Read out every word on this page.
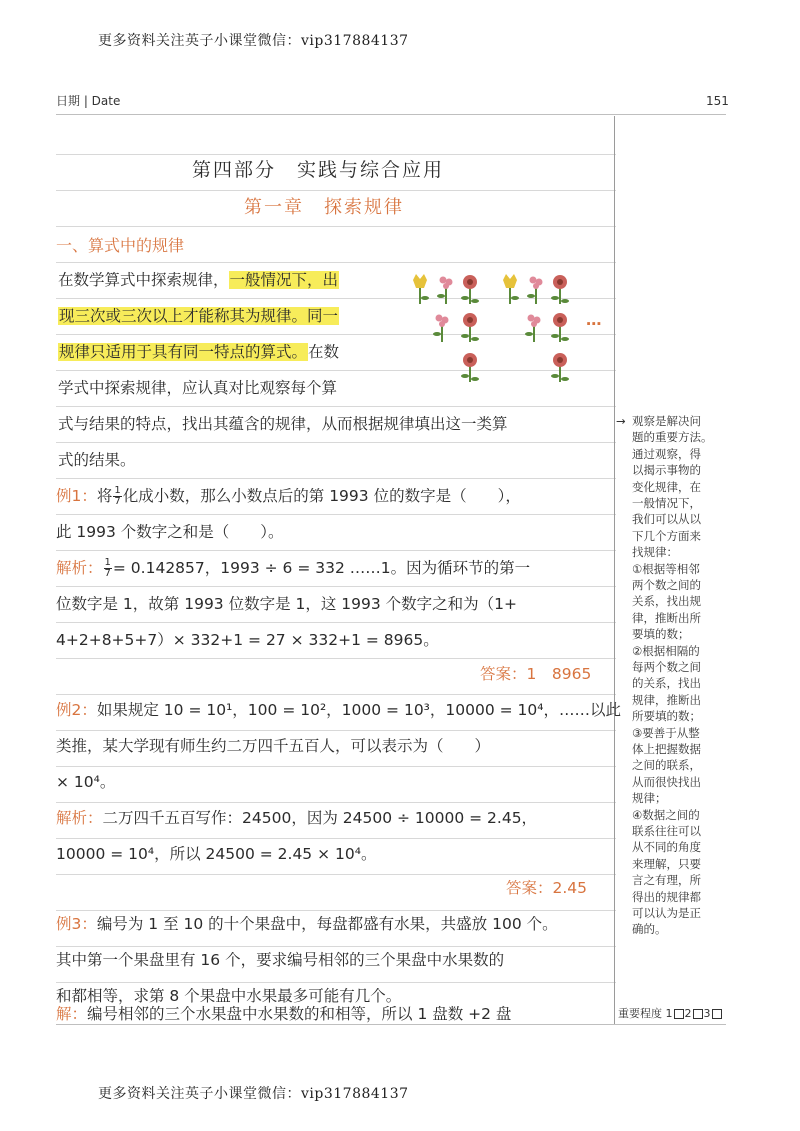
更多资料关注英子小课堂微信：vip317884137
更多资料关注英子小课堂微信：vip317884137
日期 | Date	151
第四部分　实践与综合应用
第一章　探索规律
一、算式中的规律
在数学算式中探索规律，一般情况下，出
现三次或三次以上才能称其为规律。同一
规律只适用于具有同一特点的算式。在数
学式中探索规律，应认真对比观察每个算
式与结果的特点，找出其蕴含的规律，从而根据规律填出这一类算
式的结果。
…
例1：将 $\frac{1}{7}$ 化成小数，那么小数点后的第 1993 位的数字是（　　），
此 1993 个数字之和是（　　）。
解析： $\frac{1}{7} = 0.142857$，1993 ÷ 6 = 332 ……1。因为循环节的第一
位数字是 1，故第 1993 位数字是 1，这 1993 个数字之和为（1+
4+2+8+5+7）× 332+1 = 27 × 332+1 = 8965。
答案：1　8965
例2：如果规定 10 = 10¹，100 = 10²，1000 = 10³，10000 = 10⁴，……以此
类推，某大学现有师生约二万四千五百人，可以表示为（　　）
× 10⁴。
解析：二万四千五百写作：24500，因为 24500 ÷ 10000 = 2.45，
10000 = 10⁴，所以 24500 = 2.45 × 10⁴。
答案：2.45
例3：编号为 1 至 10 的十个果盘中，每盘都盛有水果，共盛放 100 个。
其中第一个果盘里有 16 个，要求编号相邻的三个果盘中水果数的
和都相等，求第 8 个果盘中水果最多可能有几个。
解：编号相邻的三个水果盘中水果数的和相等，所以 1 盘数 +2 盘
→ 观察是解决问
题的重要方法。
通过观察，得
以揭示事物的
变化规律，在
一般情况下，
我们可以从以
下几个方面来
找规律：
①根据等相邻
两个数之间的
关系，找出规
律，推断出所
要填的数；
②根据相隔的
每两个数之间
的关系，找出
规律，推断出
所要填的数；
③要善于从整
体上把握数据
之间的联系，
从而很快找出
规律；
④数据之间的
联系往往可以
从不同的角度
来理解，只要
言之有理，所
得出的规律都
可以认为是正
确的。
重要程度 1 2 3
